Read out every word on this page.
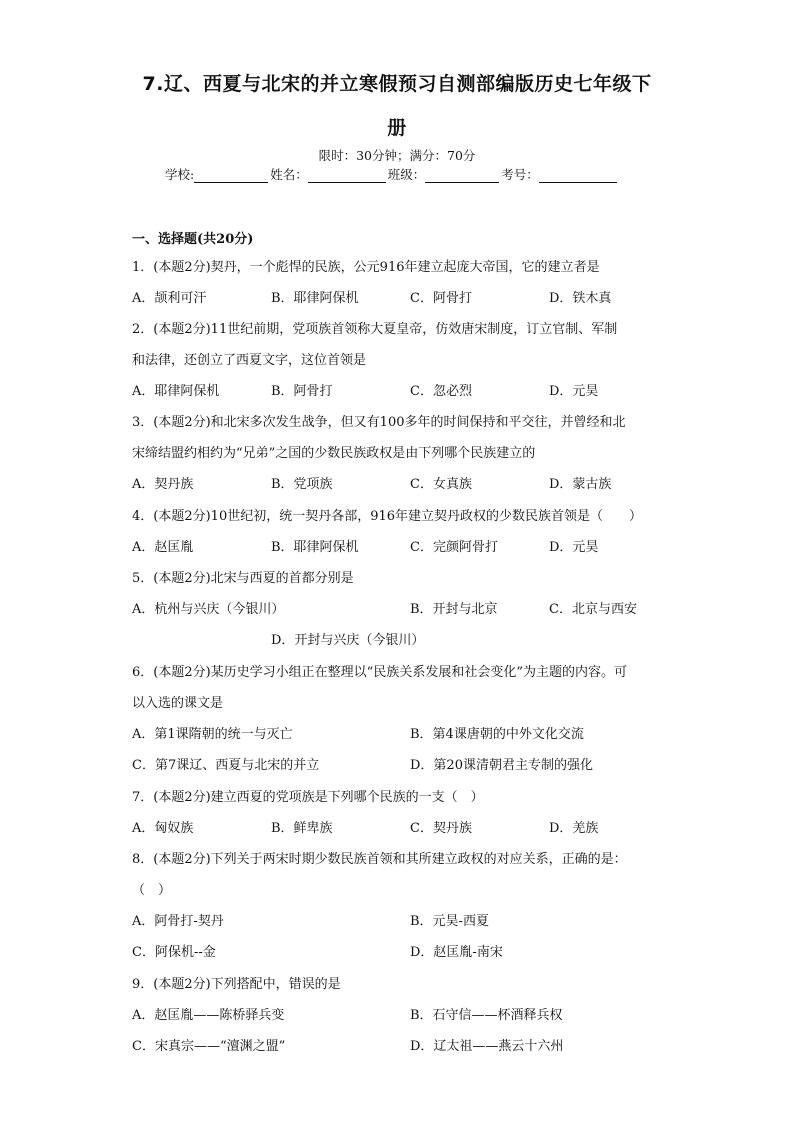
7.辽、西夏与北宋的并立寒假预习自测部编版历史七年级下
册
限时：30分钟；满分：70分
学校:	姓名：	班级：	考号：
一、选择题(共20分)
1．(本题2分)契丹，一个彪悍的民族，公元916年建立起庞大帝国，它的建立者是
A．颉利可汗	B．耶律阿保机	C．阿骨打	D．铁木真
2．(本题2分)11世纪前期，党项族首领称大夏皇帝，仿效唐宋制度，订立官制、军制
和法律，还创立了西夏文字，这位首领是
A．耶律阿保机	B．阿骨打	C．忽必烈	D．元昊
3．(本题2分)和北宋多次发生战争，但又有100多年的时间保持和平交往，并曾经和北
宋缔结盟约相约为“兄弟”之国的少数民族政权是由下列哪个民族建立的
A．契丹族	B．党项族	C．女真族	D．蒙古族
4．(本题2分)10世纪初，统一契丹各部，916年建立契丹政权的少数民族首领是（　　）
A．赵匡胤	B．耶律阿保机	C．完颜阿骨打	D．元昊
5．(本题2分)北宋与西夏的首都分别是
A．杭州与兴庆（今银川）	B．开封与北京	C．北京与西安
D．开封与兴庆（今银川）
6．(本题2分)某历史学习小组正在整理以“民族关系发展和社会变化”为主题的内容。可
以入选的课文是
A．第1课隋朝的统一与灭亡	B．第4课唐朝的中外文化交流
C．第7课辽、西夏与北宋的并立	D．第20课清朝君主专制的强化
7．(本题2分)建立西夏的党项族是下列哪个民族的一支（　）
A．匈奴族	B．鲜卑族	C．契丹族	D．羌族
8．(本题2分)下列关于两宋时期少数民族首领和其所建立政权的对应关系，正确的是：
（　）
A．阿骨打-契丹	B．元昊-西夏
C．阿保机--金	D．赵匡胤-南宋
9．(本题2分)下列搭配中，错误的是
A．赵匡胤——陈桥驿兵变	B．石守信——杯酒释兵权
C．宋真宗——“澶渊之盟”	D．辽太祖——燕云十六州
